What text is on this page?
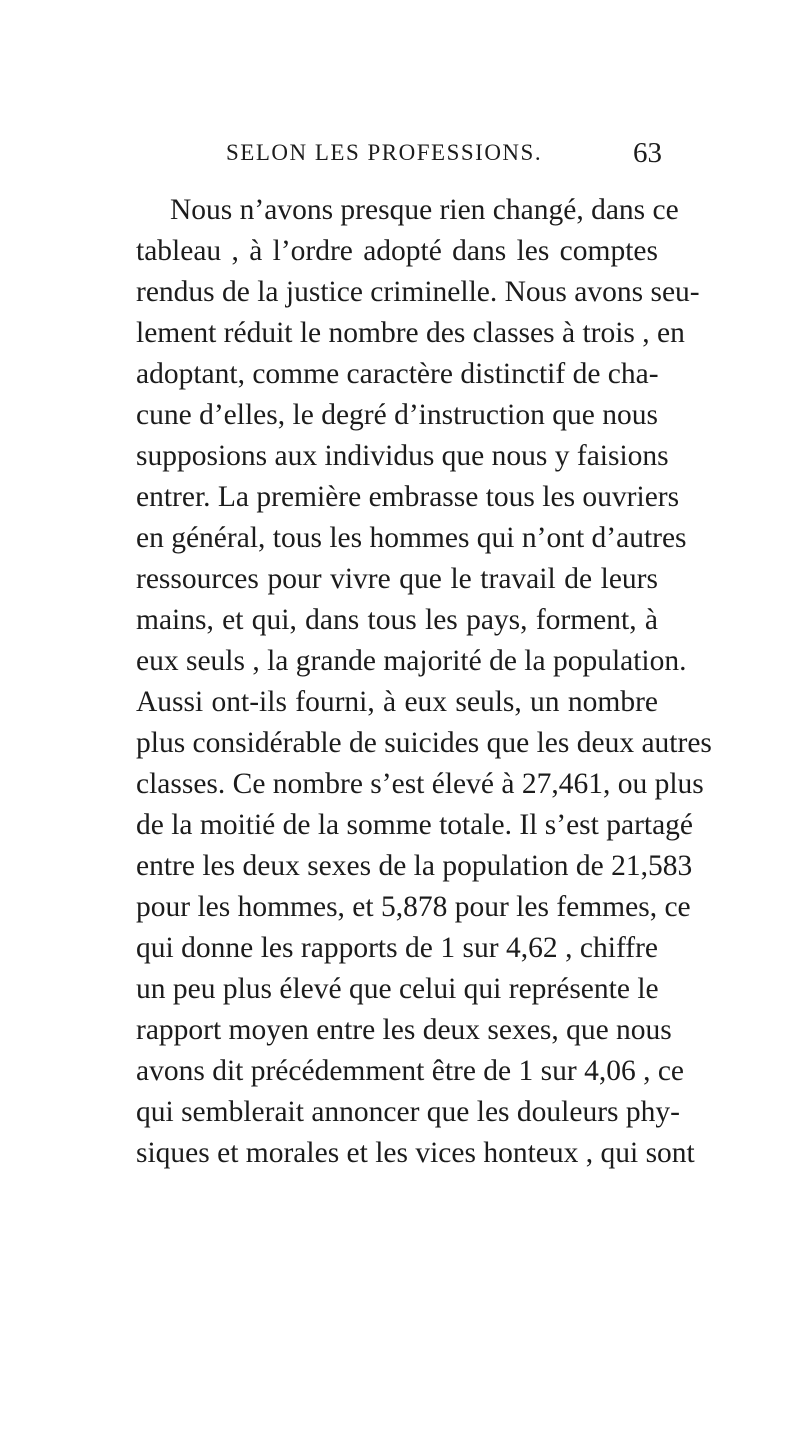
SELON LES PROFESSIONS.	63
Nous n’avons presque rien changé, dans ce
tableau , à l’ordre adopté dans les comptes
rendus de la justice criminelle. Nous avons seu-
lement réduit le nombre des classes à trois , en
adoptant, comme caractère distinctif de cha-
cune d’elles, le degré d’instruction que nous
supposions aux individus que nous y faisions
entrer. La première embrasse tous les ouvriers
en général, tous les hommes qui n’ont d’autres
ressources pour vivre que le travail de leurs
mains, et qui, dans tous les pays, forment, à
eux seuls , la grande majorité de la population.
Aussi ont-ils fourni, à eux seuls, un nombre
plus considérable de suicides que les deux autres
classes. Ce nombre s’est élevé à 27,461, ou plus
de la moitié de la somme totale. Il s’est partagé
entre les deux sexes de la population de 21,583
pour les hommes, et 5,878 pour les femmes, ce
qui donne les rapports de 1 sur 4,62 , chiffre
un peu plus élevé que celui qui représente le
rapport moyen entre les deux sexes, que nous
avons dit précédemment être de 1 sur 4,06 , ce
qui semblerait annoncer que les douleurs phy-
siques et morales et les vices honteux , qui sont
